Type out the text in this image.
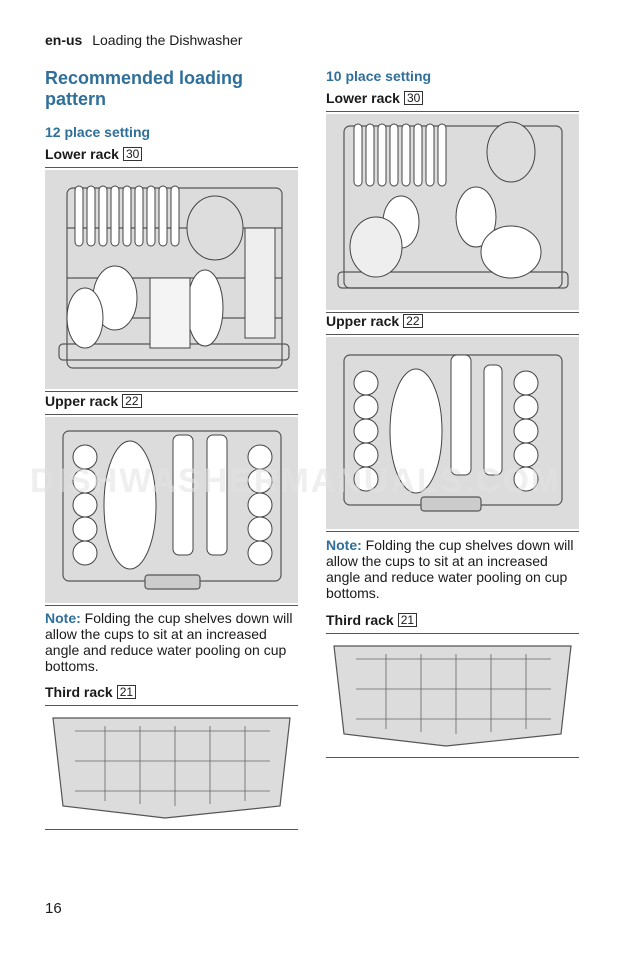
en-us Loading the Dishwasher
Recommended loading pattern
12 place setting
Lower rack 30
Upper rack 22
Note: Folding the cup shelves down will allow the cups to sit at an increased angle and reduce water pooling on cup bottoms.
Third rack 21
10 place setting
Lower rack 30
Upper rack 22
Note: Folding the cup shelves down will allow the cups to sit at an increased angle and reduce water pooling on cup bottoms.
Third rack 21
DISHWASHERMANUALS.COM
16
